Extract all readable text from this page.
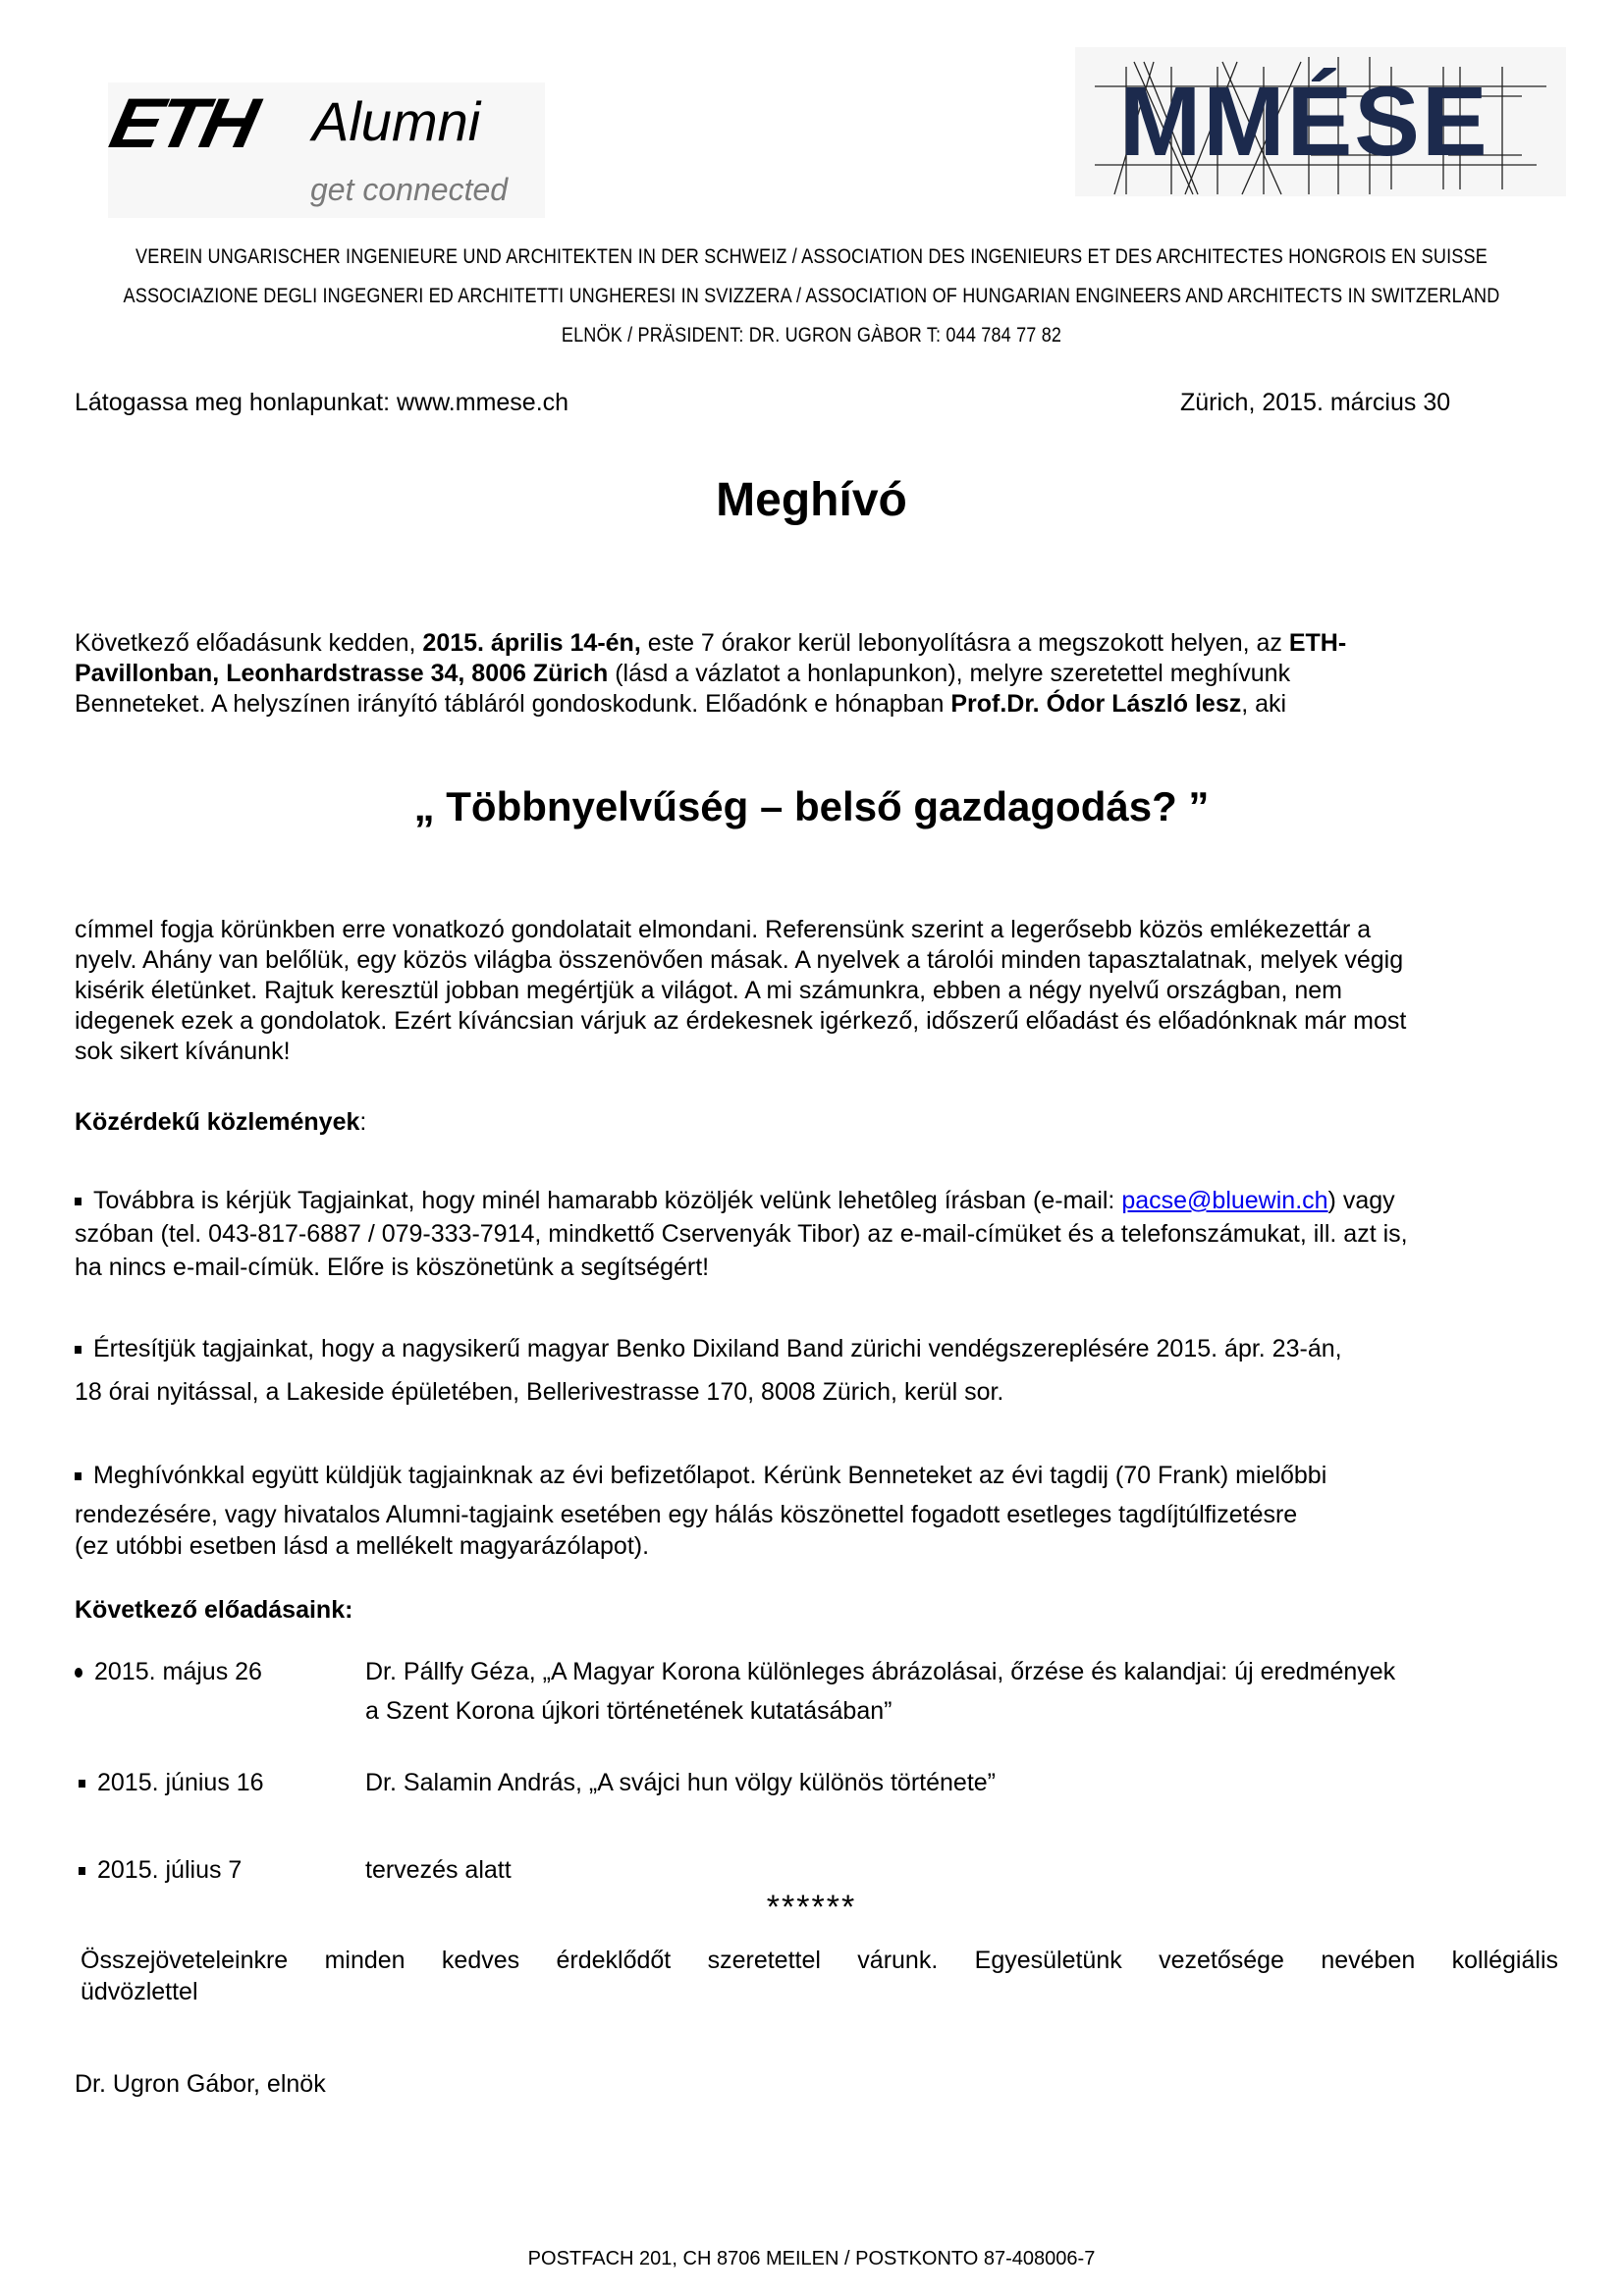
ETH Alumni
get connected
MMÉSE
VEREIN UNGARISCHER INGENIEURE UND ARCHITEKTEN IN DER SCHWEIZ / ASSOCIATION DES INGENIEURS ET DES ARCHITECTES HONGROIS EN SUISSE
ASSOCIAZIONE DEGLI INGEGNERI ED ARCHITETTI UNGHERESI IN SVIZZERA / ASSOCIATION OF HUNGARIAN ENGINEERS AND ARCHITECTS IN SWITZERLAND
ELNÖK / PRÄSIDENT: DR. UGRON GÀBOR T: 044 784 77 82
Látogassa meg honlapunkat: www.mmese.ch	Zürich, 2015. március 30
Meghívó
Következő előadásunk kedden, 2015. április 14-én, este 7 órakor kerül lebonyolításra a megszokott helyen, az ETH-
Pavillonban, Leonhardstrasse 34, 8006 Zürich (lásd a vázlatot a honlapunkon), melyre szeretettel meghívunk
Benneteket. A helyszínen irányító tábláról gondoskodunk. Előadónk e hónapban Prof.Dr. Ódor László lesz, aki
„ Többnyelvűség – belső gazdagodás? ”
címmel fogja körünkben erre vonatkozó gondolatait elmondani. Referensünk szerint a legerősebb közös emlékezettár a
nyelv. Ahány van belőlük, egy közös világba összenövően másak. A nyelvek a tárolói minden tapasztalatnak, melyek végig
kisérik életünket. Rajtuk keresztül jobban megértjük a világot. A mi számunkra, ebben a négy nyelvű országban, nem
idegenek ezek a gondolatok. Ezért kíváncsian várjuk az érdekesnek igérkező, időszerű előadást és előadónknak már most
sok sikert kívánunk!
Közérdekű közlemények:
Továbbra is kérjük Tagjainkat, hogy minél hamarabb közöljék velünk lehetôleg írásban (e-mail: pacse@bluewin.ch) vagy
szóban (tel. 043-817-6887 / 079-333-7914, mindkettő Cservenyák Tibor) az e-mail-címüket és a telefonszámukat, ill. azt is,
ha nincs e-mail-címük. Előre is köszönetünk a segítségért!
Értesítjük tagjainkat, hogy a nagysikerű magyar Benko Dixiland Band zürichi vendégszereplésére 2015. ápr. 23-án,
18 órai nyitással, a Lakeside épületében, Bellerivestrasse 170, 8008 Zürich, kerül sor.
Meghívónkkal együtt küldjük tagjainknak az évi befizetőlapot. Kérünk Benneteket az évi tagdij (70 Frank) mielőbbi
rendezésére, vagy hivatalos Alumni-tagjaink esetében egy hálás köszönettel fogadott esetleges tagdíjtúlfizetésre
(ez utóbbi esetben lásd a mellékelt magyarázólapot).
Következő előadásaink:
2015. május 26	Dr. Pállfy Géza, „A Magyar Korona különleges ábrázolásai, őrzése és kalandjai: új eredmények
a Szent Korona újkori történetének kutatásában”
2015. június 16	Dr. Salamin András, „A svájci hun völgy különös története”
2015. július 7	tervezés alatt
******
Összejöveteleinkre minden kedves érdeklődőt szeretettel várunk. Egyesületünk vezetősége nevében kollégiális
üdvözlettel
Dr. Ugron Gábor, elnök
POSTFACH 201, CH 8706 MEILEN / POSTKONTO 87-408006-7
